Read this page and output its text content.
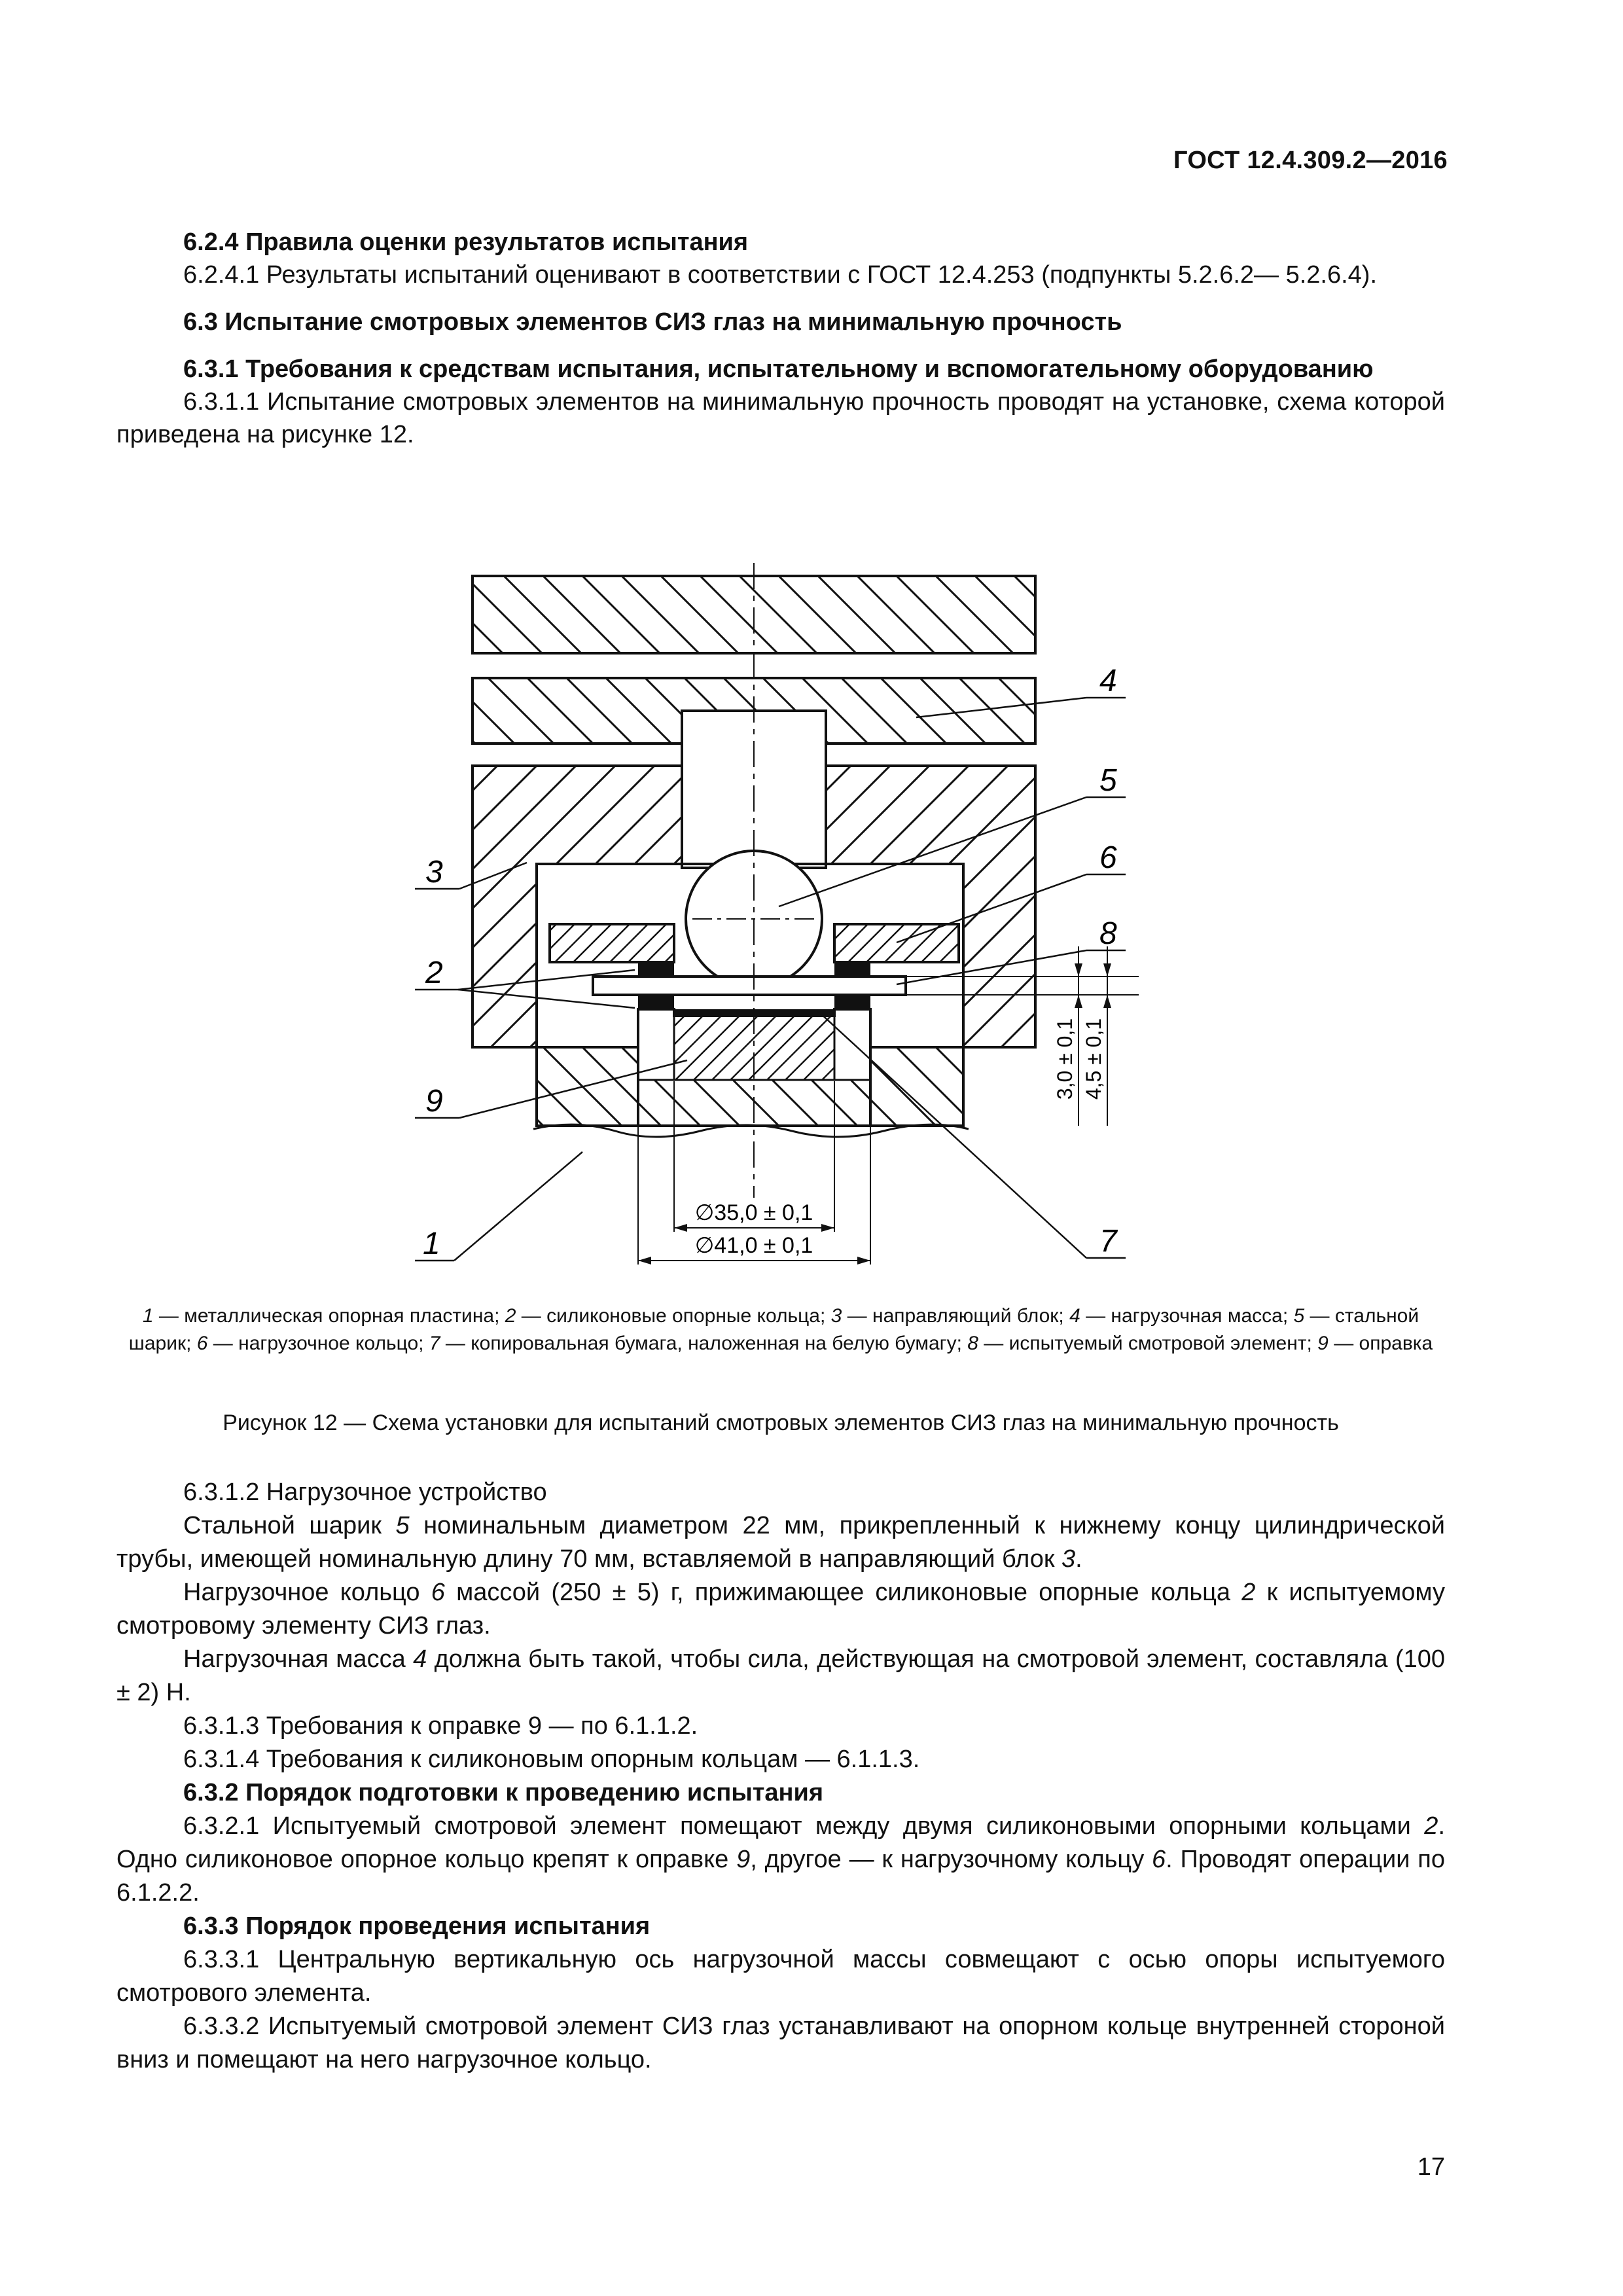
ГОСТ 12.4.309.2—2016

6.2.4 Правила оценки результатов испытания

6.2.4.1 Результаты испытаний оценивают в соответствии с ГОСТ 12.4.253 (подпункты 5.2.6.2— 5.2.6.4).

6.3 Испытание смотровых элементов СИЗ глаз на минимальную прочность

6.3.1 Требования к средствам испытания, испытательному и вспомогательному оборудованию

6.3.1.1 Испытание смотровых элементов на минимальную прочность проводят на установке, схема которой приведена на рисунке 12.

∅35,0 ± 0,1
∅41,0 ± 0,1
3,0 ± 0,1 4,5 ± 0,1
3
4
5
6
8
2
9
1	7
1 — металлическая опорная пластина; 2 — силиконовые опорные кольца; 3 — направляющий блок; 4 — нагрузочная масса; 5 — стальной шарик; 6 — нагрузочное кольцо; 7 — копировальная бумага, наложенная на белую бумагу; 8 — испытуемый смотровой элемент; 9 — оправка
Рисунок 12 — Схема установки для испытаний смотровых элементов СИЗ глаз на минимальную прочность

6.3.1.2 Нагрузочное устройство

Стальной шарик 5 номинальным диаметром 22 мм, прикрепленный к нижнему концу цилиндрической трубы, имеющей номинальную длину 70 мм, вставляемой в направляющий блок 3.

Нагрузочное кольцо 6 массой (250 ± 5) г, прижимающее силиконовые опорные кольца 2 к испытуемому смотровому элементу СИЗ глаз.

Нагрузочная масса 4 должна быть такой, чтобы сила, действующая на смотровой элемент, составляла (100 ± 2) Н.

6.3.1.3 Требования к оправке 9 — по 6.1.1.2.

6.3.1.4 Требования к силиконовым опорным кольцам — 6.1.1.3.

6.3.2 Порядок подготовки к проведению испытания

6.3.2.1 Испытуемый смотровой элемент помещают между двумя силиконовыми опорными кольцами 2. Одно силиконовое опорное кольцо крепят к оправке 9, другое — к нагрузочному кольцу 6. Проводят операции по 6.1.2.2.

6.3.3 Порядок проведения испытания

6.3.3.1 Центральную вертикальную ось нагрузочной массы совмещают с осью опоры испытуемого смотрового элемента.

6.3.3.2 Испытуемый смотровой элемент СИЗ глаз устанавливают на опорном кольце внутренней стороной вниз и помещают на него нагрузочное кольцо.

17
